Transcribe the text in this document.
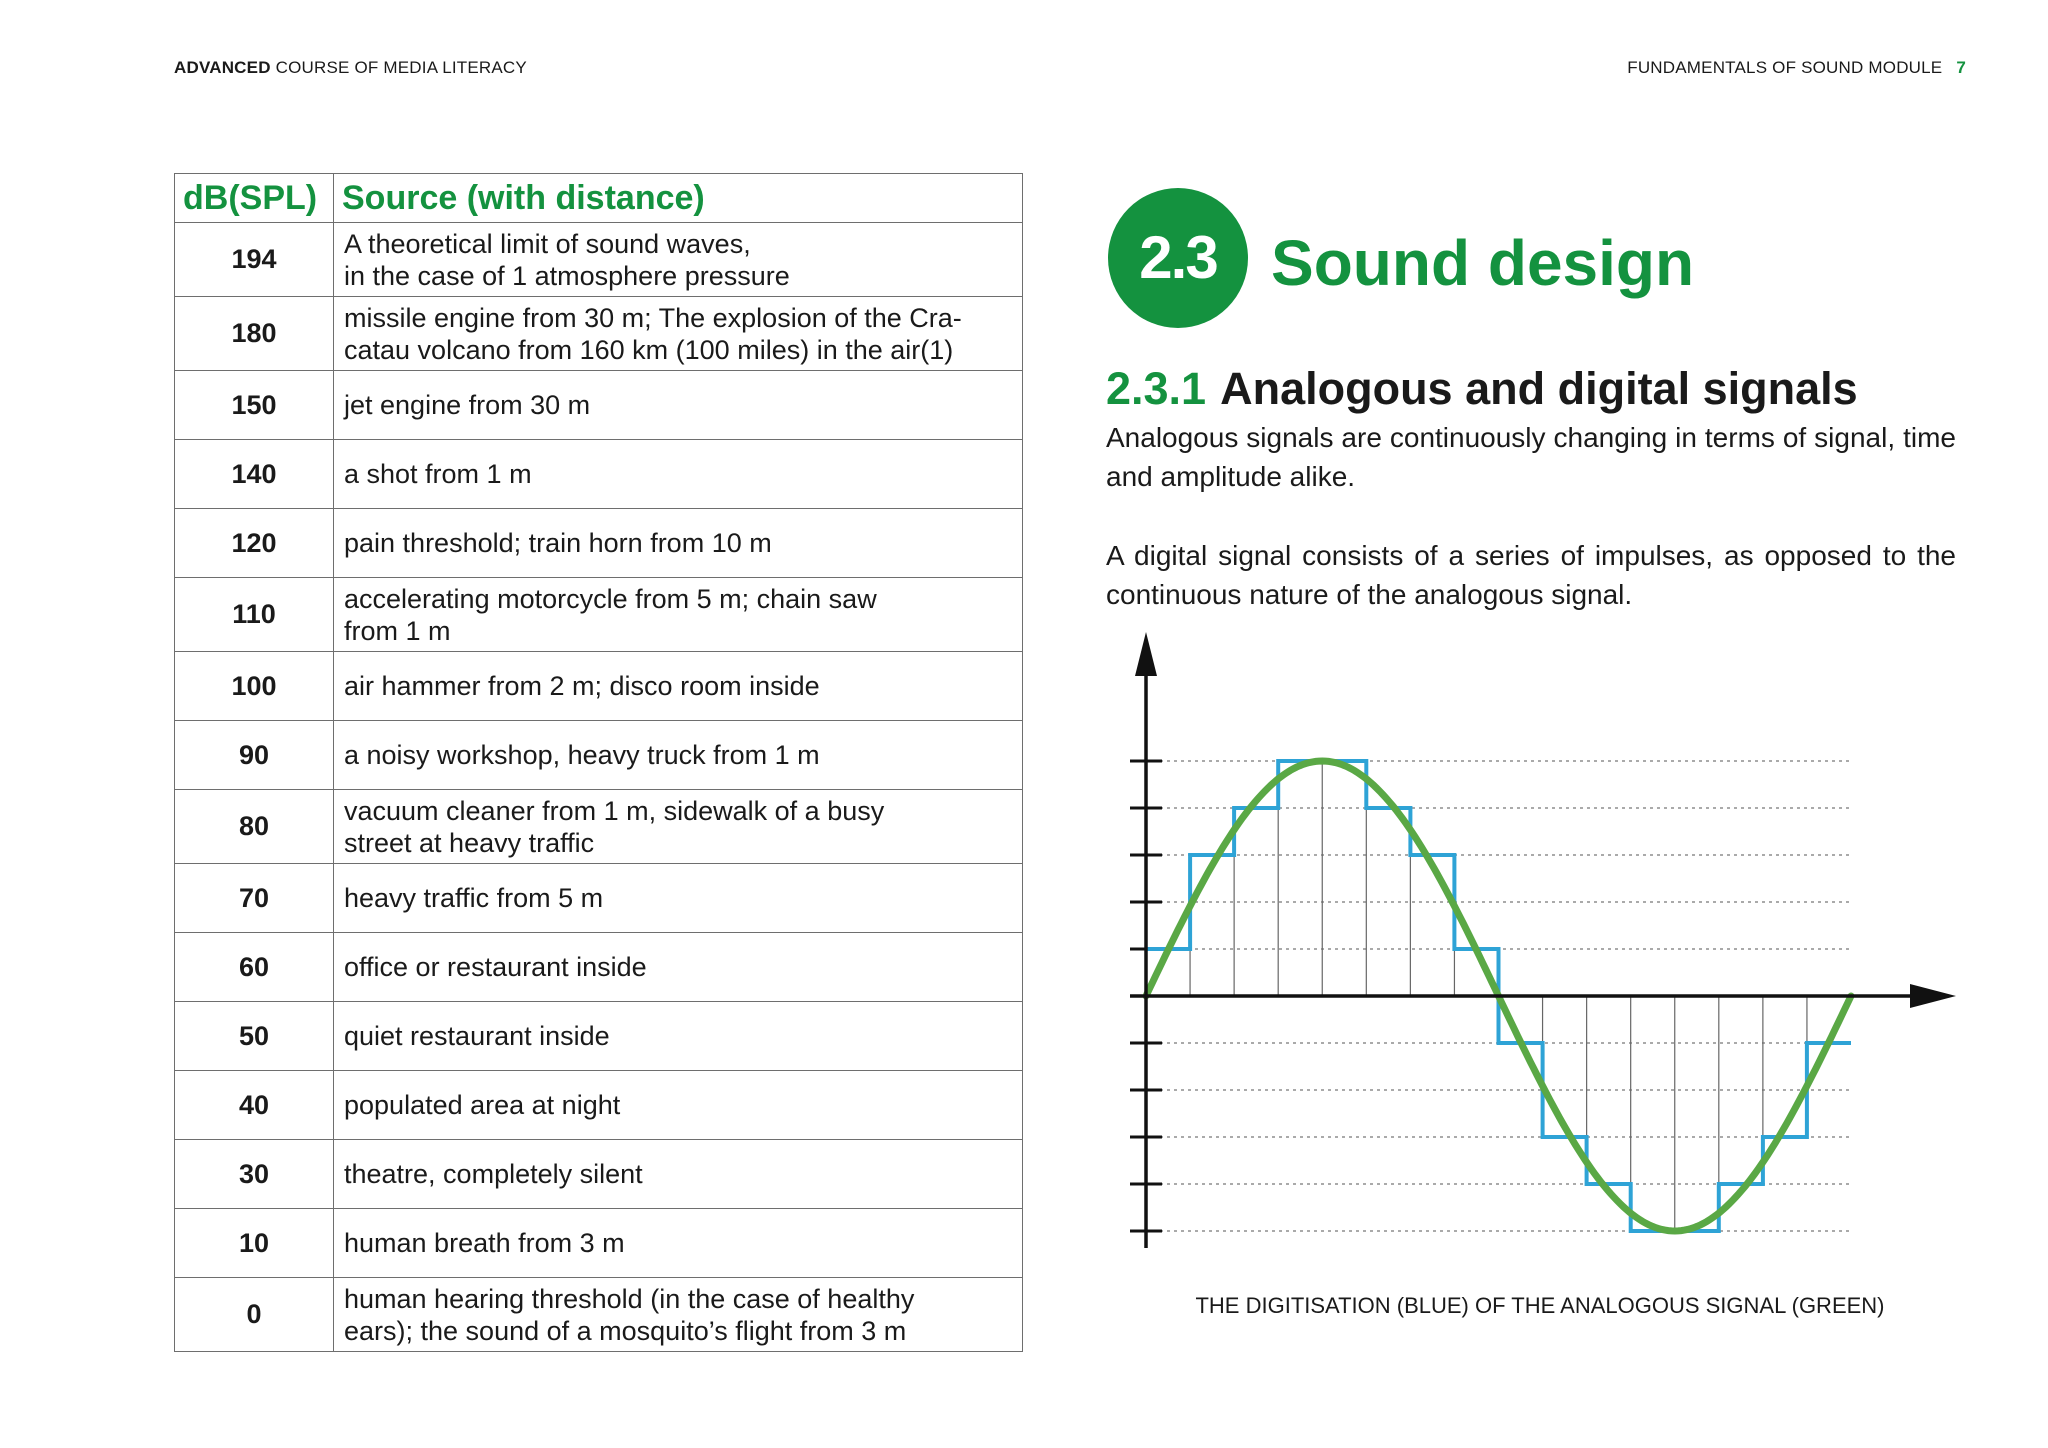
ADVANCED COURSE OF MEDIA LITERACY	FUNDAMENTALS OF SOUND MODULE 7
dB(SPL)	Source (with distance)
194	A theoretical limit of sound waves,
in the case of 1 atmosphere pressure

180	missile engine from 30 m; The explosion of the Cra-
catau volcano from 160 km (100 miles) in the air(1)

150	jet engine from 30 m

140	a shot from 1 m

120	pain threshold; train horn from 10 m

110	accelerating motorcycle from 5 m; chain saw
from 1 m

100	air hammer from 2 m; disco room inside

90	a noisy workshop, heavy truck from 1 m

80	vacuum cleaner from 1 m, sidewalk of a busy
street at heavy traffic

70	heavy traffic from 5 m

60	office or restaurant inside

50	quiet restaurant inside

40	populated area at night

30	theatre, completely silent

10	human breath from 3 m

0	human hearing threshold (in the case of healthy
ears); the sound of a mosquito’s flight from 3 m
2.3 Sound design
2.3.1 Analogous and digital signals
Analogous signals are continuously changing in terms of signal, time and amplitude alike.
A digital signal consists of a series of impulses, as opposed to the continuous nature of the analogous signal.
THE DIGITISATION (BLUE) OF THE ANALOGOUS SIGNAL (GREEN)
